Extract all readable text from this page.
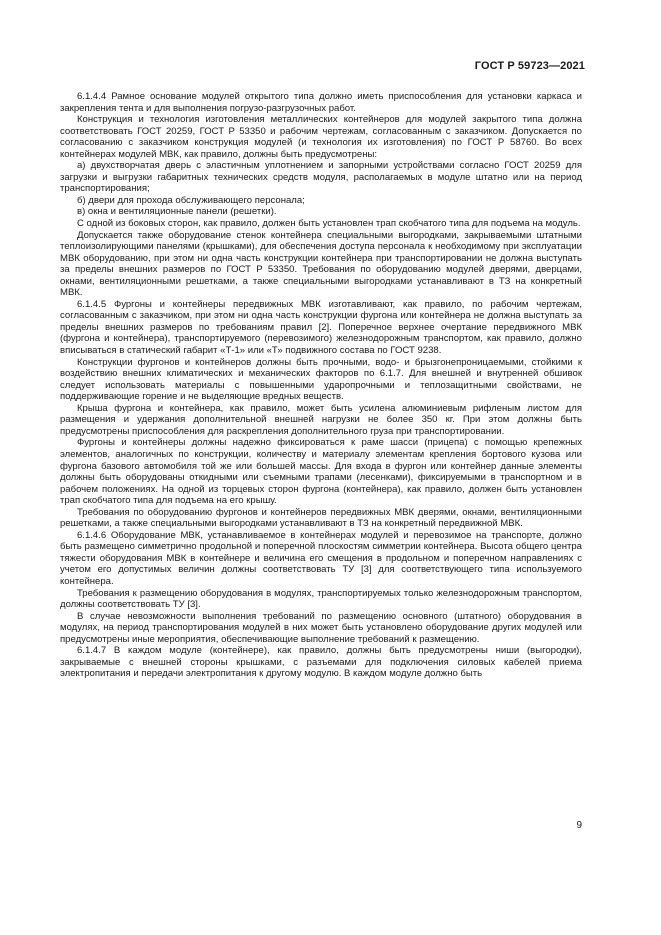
ГОСТ Р 59723—2021

6.1.4.4 Рамное основание модулей открытого типа должно иметь приспособления для установки каркаса и закрепления тента и для выполнения погрузо-разгрузочных работ.

Конструкция и технология изготовления металлических контейнеров для модулей закрытого типа должна соответствовать ГОСТ 20259, ГОСТ Р 53350 и рабочим чертежам, согласованным с заказчиком. Допускается по согласованию с заказчиком конструкция модулей (и технология их изготовления) по ГОСТ Р 58760. Во всех контейнерах модулей МВК, как правило, должны быть предусмотрены:

а) двухстворчатая дверь с эластичным уплотнением и запорными устройствами согласно ГОСТ 20259 для загрузки и выгрузки габаритных технических средств модуля, располагаемых в модуле штатно или на период транспортирования;

б) двери для прохода обслуживающего персонала;

в) окна и вентиляционные панели (решетки).

С одной из боковых сторон, как правило, должен быть установлен трап скобчатого типа для подъема на модуль.

Допускается также оборудование стенок контейнера специальными выгородками, закрываемыми штатными теплоизолирующими панелями (крышками), для обеспечения доступа персонала к необходимому при эксплуатации МВК оборудованию, при этом ни одна часть конструкции контейнера при транспортировании не должна выступать за пределы внешних размеров по ГОСТ Р 53350. Требования по оборудованию модулей дверями, дверцами, окнами, вентиляционными решетками, а также специальными выгородками устанавливают в ТЗ на конкретный МВК.

6.1.4.5 Фургоны и контейнеры передвижных МВК изготавливают, как правило, по рабочим чертежам, согласованным с заказчиком, при этом ни одна часть конструкции фургона или контейнера не должна выступать за пределы внешних размеров по требованиям правил [2]. Поперечное верхнее очертание передвижного МВК (фургона и контейнера), транспортируемого (перевозимого) железнодорожным транспортом, как правило, должно вписываться в статический габарит «Т-1» или «Т» подвижного состава по ГОСТ 9238.

Конструкции фургонов и контейнеров должны быть прочными, водо- и брызгонепроницаемыми, стойкими к воздействию внешних климатических и механических факторов по 6.1.7. Для внешней и внутренней обшивок следует использовать материалы с повышенными ударопрочными и теплозащитными свойствами, не поддерживающие горение и не выделяющие вредных веществ.

Крыша фургона и контейнера, как правило, может быть усилена алюминиевым рифленым листом для размещения и удержания дополнительной внешней нагрузки не более 350 кг. При этом должны быть предусмотрены приспособления для раскрепления дополнительного груза при транспортировании.

Фургоны и контейнеры должны надежно фиксироваться к раме шасси (прицепа) с помощью крепежных элементов, аналогичных по конструкции, количеству и материалу элементам крепления бортового кузова или фургона базового автомобиля той же или большей массы. Для входа в фургон или контейнер данные элементы должны быть оборудованы откидными или съемными трапами (лесенками), фиксируемыми в транспортном и в рабочем положениях. На одной из торцевых сторон фургона (контейнера), как правило, должен быть установлен трап скобчатого типа для подъема на его крышу.

Требования по оборудованию фургонов и контейнеров передвижных МВК дверями, окнами, вентиляционными решетками, а также специальными выгородками устанавливают в ТЗ на конкретный передвижной МВК.

6.1.4.6 Оборудование МВК, устанавливаемое в контейнерах модулей и перевозимое на транспорте, должно быть размещено симметрично продольной и поперечной плоскостям симметрии контейнера. Высота общего центра тяжести оборудования МВК в контейнере и величина его смещения в продольном и поперечном направлениях с учетом его допустимых величин должны соответствовать ТУ [3] для соответствующего типа используемого контейнера.

Требования к размещению оборудования в модулях, транспортируемых только железнодорожным транспортом, должны соответствовать ТУ [3].

В случае невозможности выполнения требований по размещению основного (штатного) оборудования в модулях, на период транспортирования модулей в них может быть установлено оборудование других модулей или предусмотрены иные мероприятия, обеспечивающие выполнение требований к размещению.

6.1.4.7 В каждом модуле (контейнере), как правило, должны быть предусмотрены ниши (выгородки), закрываемые с внешней стороны крышками, с разъемами для подключения силовых кабелей приема электропитания и передачи электропитания к другому модулю. В каждом модуле должно быть

9
